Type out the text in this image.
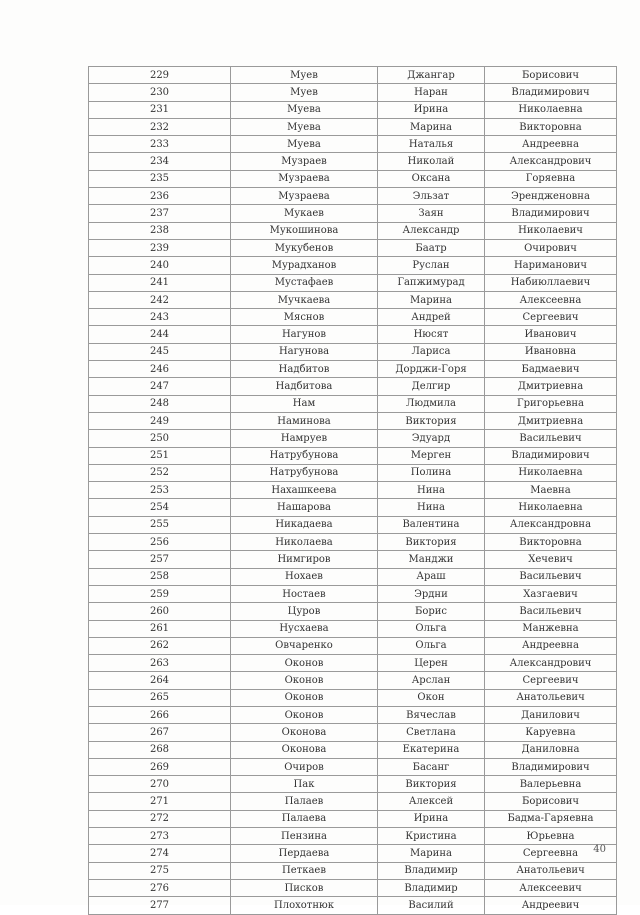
229	Муев	Джангар	Борисович
230	Муев	Наран	Владимирович
231	Муева	Ирина	Николаевна
232	Муева	Марина	Викторовна
233	Муева	Наталья	Андреевна
234	Музраев	Николай	Александрович
235	Музраева	Оксана	Горяевна
236	Музраева	Эльзат	Эрендженовна
237	Мукаев	Заян	Владимирович
238	Мукошинова	Александр	Николаевич
239	Мукубенов	Баатр	Очирович
240	Мурадханов	Руслан	Нариманович
241	Мустафаев	Гапжимурад	Набиюллаевич
242	Мучкаева	Марина	Алексеевна
243	Мяснов	Андрей	Сергеевич
244	Нагунов	Нюсят	Иванович
245	Нагунова	Лариса	Ивановна
246	Надбитов	Дорджи-Горя	Бадмаевич
247	Надбитова	Делгир	Дмитриевна
248	Нам	Людмила	Григорьевна
249	Наминова	Виктория	Дмитриевна
250	Намруев	Эдуард	Васильевич
251	Натрубунова	Мерген	Владимирович
252	Натрубунова	Полина	Николаевна
253	Нахашкеева	Нина	Маевна
254	Нашарова	Нина	Николаевна
255	Никадаева	Валентина	Александровна
256	Николаева	Виктория	Викторовна
257	Нимгиров	Манджи	Хечевич
258	Нохаев	Араш	Васильевич
259	Ностаев	Эрдни	Хазгаевич
260	Цуров	Борис	Васильевич
261	Нусхаева	Ольга	Манжевна
262	Овчаренко	Ольга	Андреевна
263	Оконов	Церен	Александрович
264	Оконов	Арслан	Сергеевич
265	Оконов	Окон	Анатольевич
266	Оконов	Вячеслав	Данилович
267	Оконова	Светлана	Каруевна
268	Оконова	Екатерина	Даниловна
269	Очиров	Басанг	Владимирович
270	Пак	Виктория	Валерьевна
271	Палаев	Алексей	Борисович
272	Палаева	Ирина	Бадма-Гаряевна
273	Пензина	Кристина	Юрьевна
274	Пердаева	Марина	Сергеевна
275	Петкаев	Владимир	Анатольевич
276	Писков	Владимир	Алексеевич
277	Плохотнюк	Василий	Андреевич
40
